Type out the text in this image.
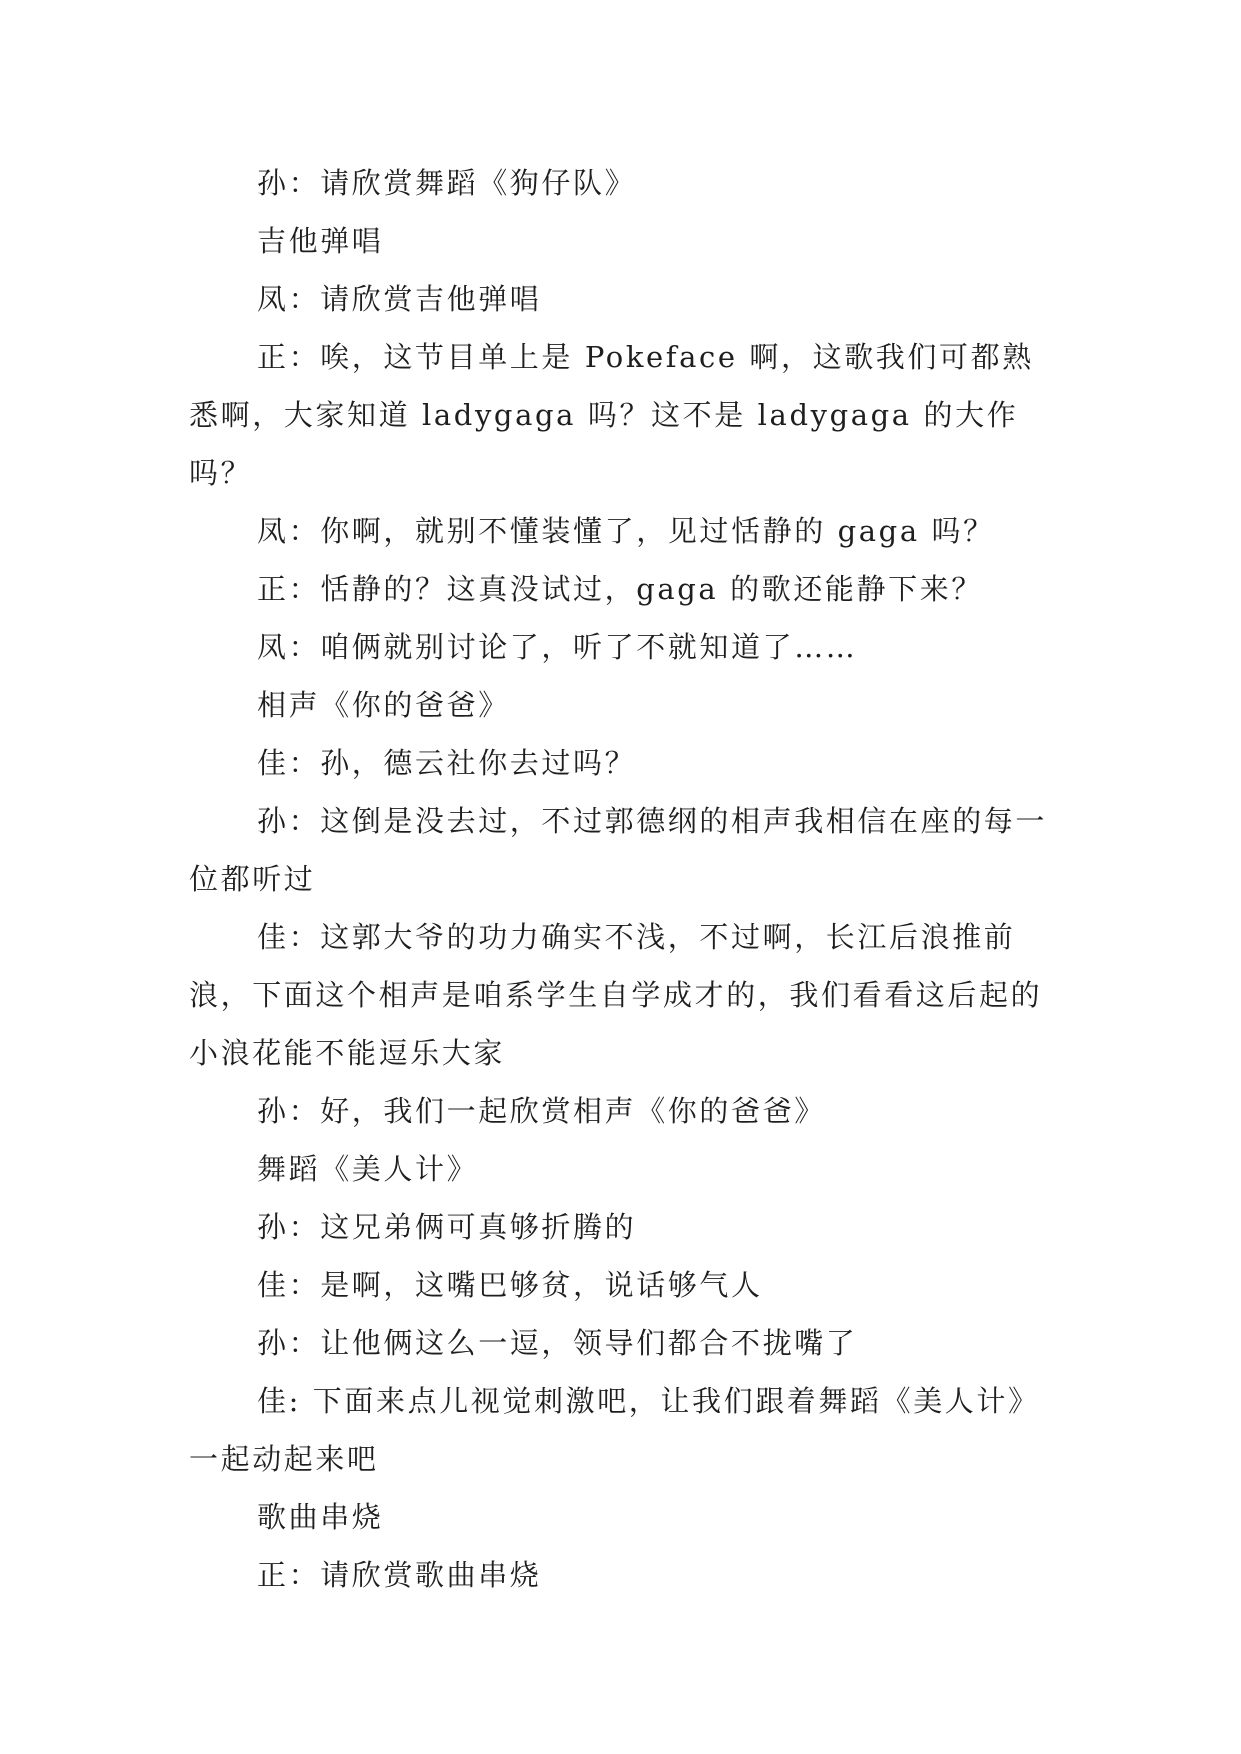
孙：请欣赏舞蹈《狗仔队》

吉他弹唱

凤：请欣赏吉他弹唱

正：唉，这节目单上是 Pokeface 啊，这歌我们可都熟悉啊，大家知道 ladygaga 吗？这不是 ladygaga 的大作吗？

凤：你啊，就别不懂装懂了，见过恬静的 gaga 吗？

正：恬静的？这真没试过，gaga 的歌还能静下来？

凤：咱俩就别讨论了，听了不就知道了……

相声《你的爸爸》

佳：孙，德云社你去过吗？

孙：这倒是没去过，不过郭德纲的相声我相信在座的每一位都听过

佳：这郭大爷的功力确实不浅，不过啊，长江后浪推前浪，下面这个相声是咱系学生自学成才的，我们看看这后起的小浪花能不能逗乐大家

孙：好，我们一起欣赏相声《你的爸爸》

舞蹈《美人计》

孙：这兄弟俩可真够折腾的

佳：是啊，这嘴巴够贫，说话够气人

孙：让他俩这么一逗，领导们都合不拢嘴了

佳: 下面来点儿视觉刺激吧，让我们跟着舞蹈《美人计》一起动起来吧

歌曲串烧

正：请欣赏歌曲串烧
